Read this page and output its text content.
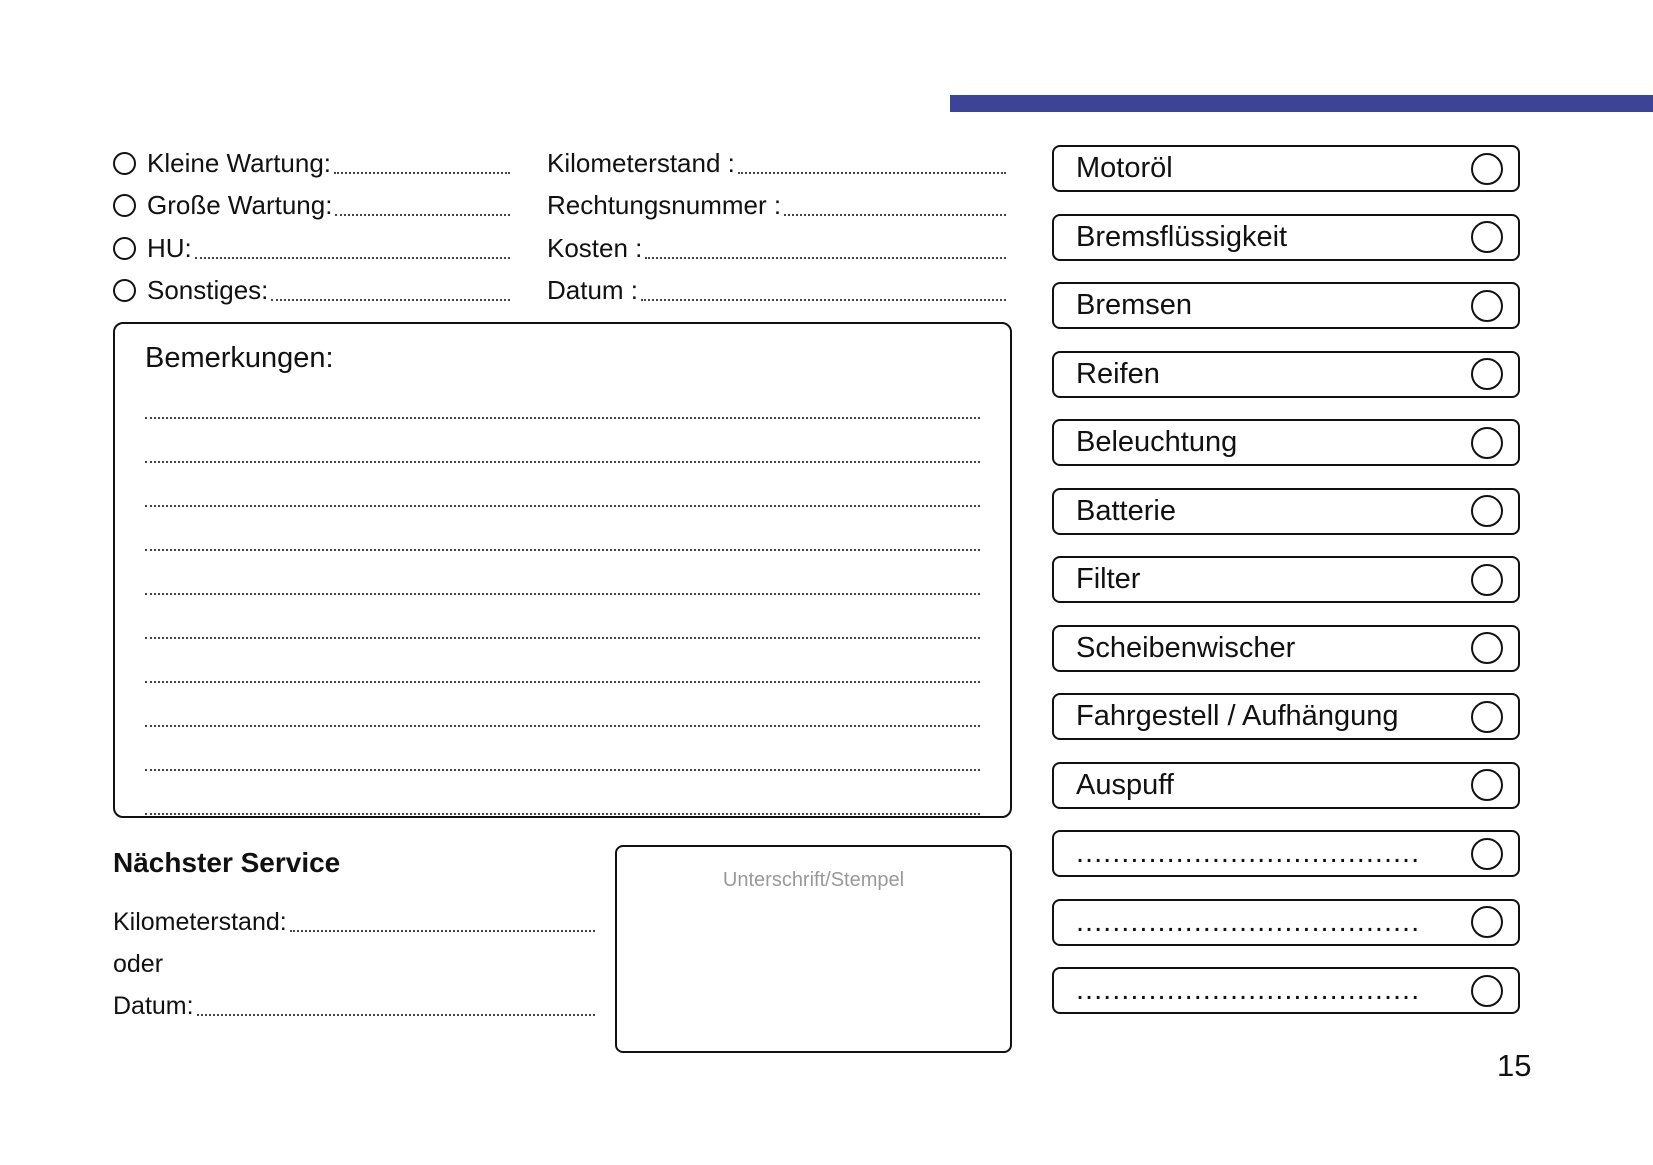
Kleine Wartung:
Große Wartung:
HU:
Sonstiges:
Kilometerstand :
Rechtungsnummer :
Kosten :
Datum :
Bemerkungen:
Nächster Service
Kilometerstand:
oder
Datum:
Unterschrift/Stempel
Motoröl
Bremsflüssigkeit
Bremsen
Reifen
Beleuchtung
Batterie
Filter
Scheibenwischer
Fahrgestell / Aufhängung
Auspuff
......................................
......................................
......................................
15
